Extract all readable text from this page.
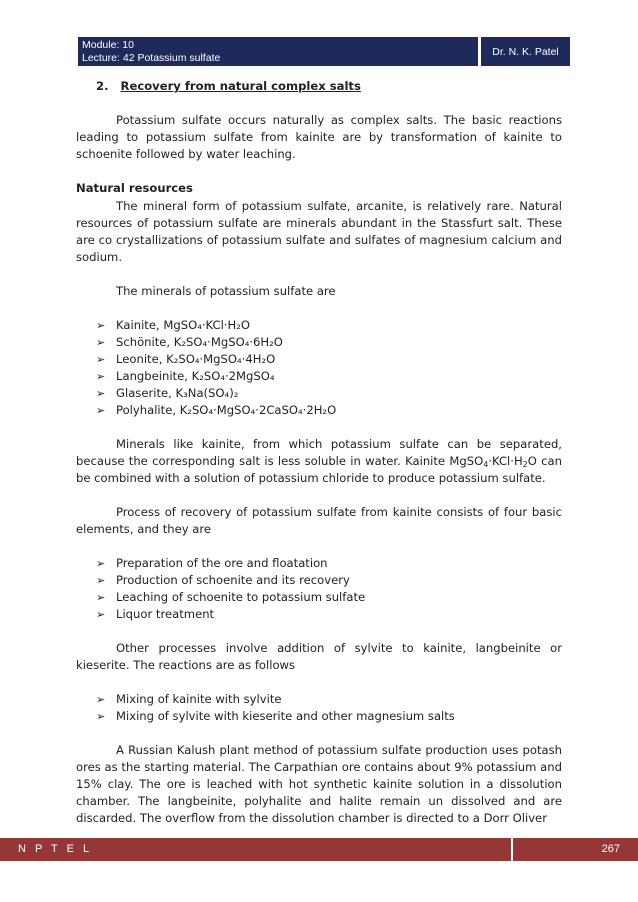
Module: 10
Lecture: 42 Potassium sulfate
Dr. N. K. Patel
2. Recovery from natural complex salts

Potassium sulfate occurs naturally as complex salts. The basic reactions leading to potassium sulfate from kainite are by transformation of kainite to schoenite followed by water leaching.

Natural resources

The mineral form of potassium sulfate, arcanite, is relatively rare. Natural resources of potassium sulfate are minerals abundant in the Stassfurt salt. These are co crystallizations of potassium sulfate and sulfates of magnesium calcium and sodium.

The minerals of potassium sulfate are

➢ Kainite, MgSO₄·KCl·H₂O
➢ Schönite, K₂SO₄·MgSO₄·6H₂O
➢ Leonite, K₂SO₄·MgSO₄·4H₂O
➢ Langbeinite, K₂SO₄·2MgSO₄
➢ Glaserite, K₃Na(SO₄)₂
➢ Polyhalite, K₂SO₄·MgSO₄·2CaSO₄·2H₂O

Minerals like kainite, from which potassium sulfate can be separated, because the corresponding salt is less soluble in water. Kainite $MgSO_4\cdot KCl\cdot H_2O$ can be combined with a solution of potassium chloride to produce potassium sulfate.

Process of recovery of potassium sulfate from kainite consists of four basic elements, and they are

➢ Preparation of the ore and floatation
➢ Production of schoenite and its recovery
➢ Leaching of schoenite to potassium sulfate
➢ Liquor treatment

Other processes involve addition of sylvite to kainite, langbeinite or kieserite. The reactions are as follows

➢ Mixing of kainite with sylvite
➢ Mixing of sylvite with kieserite and other magnesium salts

A Russian Kalush plant method of potassium sulfate production uses potash ores as the starting material. The Carpathian ore contains about 9% potassium and 15% clay. The ore is leached with hot synthetic kainite solution in a dissolution chamber. The langbeinite, polyhalite and halite remain un dissolved and are discarded. The overflow from the dissolution chamber is directed to a Dorr Oliver

N P T E L	267
